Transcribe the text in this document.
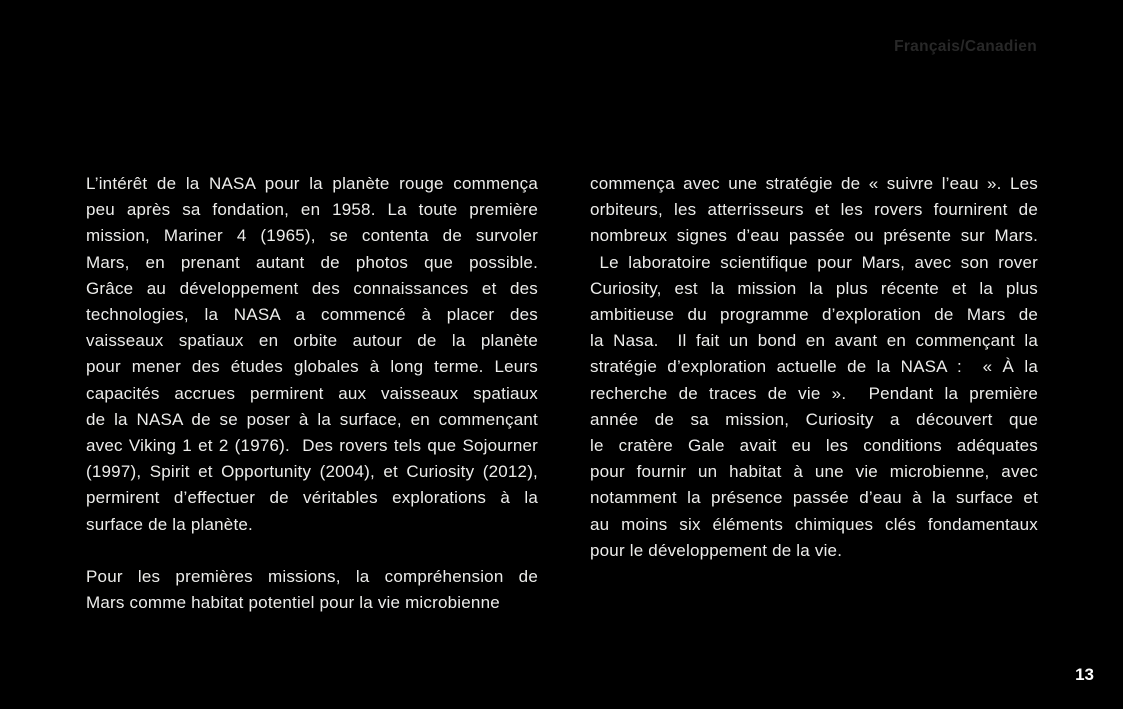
Français/Canadien
L’intérêt de la NASA pour la planète rouge commença
peu après sa fondation, en 1958. La toute première
mission, Mariner 4 (1965), se contenta de survoler
Mars, en prenant autant de photos que possible.
Grâce au développement des connaissances et des
technologies, la NASA a commencé à placer des
vaisseaux spatiaux en orbite autour de la planète
pour mener des études globales à long terme. Leurs
capacités accrues permirent aux vaisseaux spatiaux
de la NASA de se poser à la surface, en commençant
avec Viking 1 et 2 (1976).  Des rovers tels que Sojourner
(1997), Spirit et Opportunity (2004), et Curiosity (2012),
permirent d’effectuer de véritables explorations à la
surface de la planète.
Pour les premières missions, la compréhension de
Mars comme habitat potentiel pour la vie microbienne
commença avec une stratégie de « suivre l’eau ». Les
orbiteurs, les atterrisseurs et les rovers fournirent de
nombreux signes d’eau passée ou présente sur Mars.
Le laboratoire scientifique pour Mars, avec son rover
Curiosity, est la mission la plus récente et la plus
ambitieuse du programme d’exploration de Mars de
la Nasa.  Il fait un bond en avant en commençant la
stratégie d’exploration actuelle de la NASA :  « À la
recherche de traces de vie ».  Pendant la première
année de sa mission, Curiosity a découvert que
le cratère Gale avait eu les conditions adéquates
pour fournir un habitat à une vie microbienne, avec
notamment la présence passée d’eau à la surface et
au moins six éléments chimiques clés fondamentaux
pour le développement de la vie.
13
